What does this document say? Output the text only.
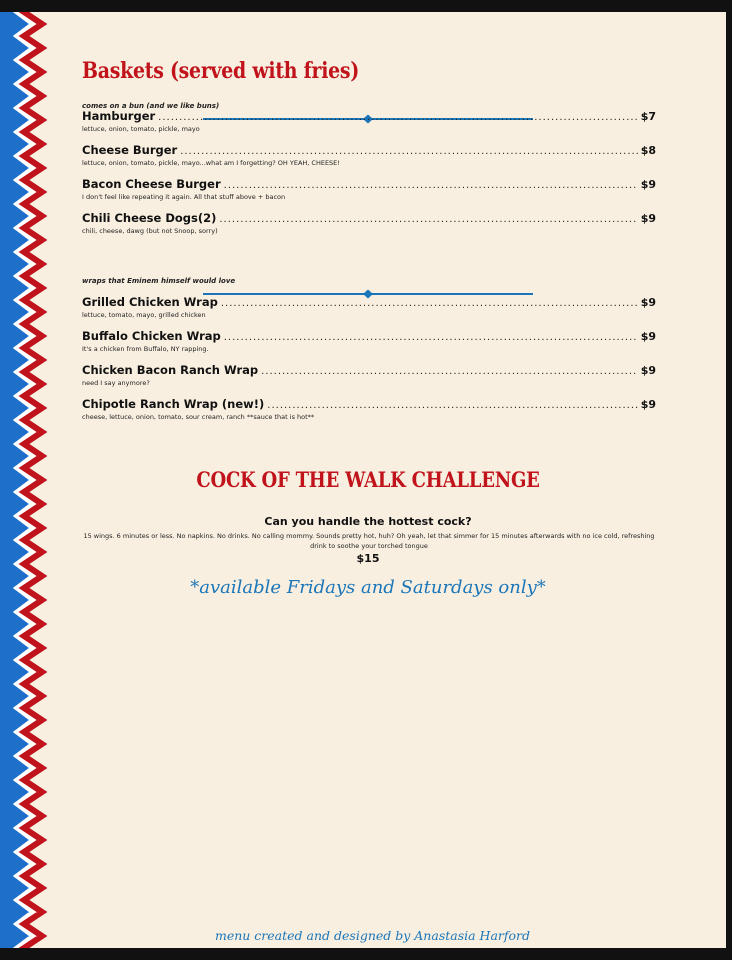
Baskets (served with fries)
comes on a bun (and we like buns)
Hamburger .....	$7
lettuce, onion, tomato, pickle, mayo
Cheese Burger .....	$8
lettuce, onion, tomato, pickle, mayo...what am I forgetting? OH YEAH, CHEESE!
Bacon Cheese Burger .....	$9
I don't feel like repeating it again. All that stuff above + bacon
Chili Cheese Dogs(2) .....	$9
chili, cheese, dawg (but not Snoop, sorry)
wraps that Eminem himself would love
Grilled Chicken Wrap .....	$9
lettuce, tomato, mayo, grilled chicken
Buffalo Chicken Wrap .....	$9
It's a chicken from Buffalo, NY rapping.
Chicken Bacon Ranch Wrap .....	$9
need I say anymore?
Chipotle Ranch Wrap (new!) .....	$9
cheese, lettuce, onion, tomato, sour cream, ranch **sauce that is hot**
COCK OF THE WALK CHALLENGE
Can you handle the hottest cock?
15 wings. 6 minutes or less. No napkins. No drinks. No calling mommy. Sounds pretty hot, huh? Oh yeah, let that simmer for 15 minutes afterwards with no ice cold, refreshing drink to soothe your torched tongue
$15
*available Fridays and Saturdays only*
menu created and designed by Anastasia Harford
